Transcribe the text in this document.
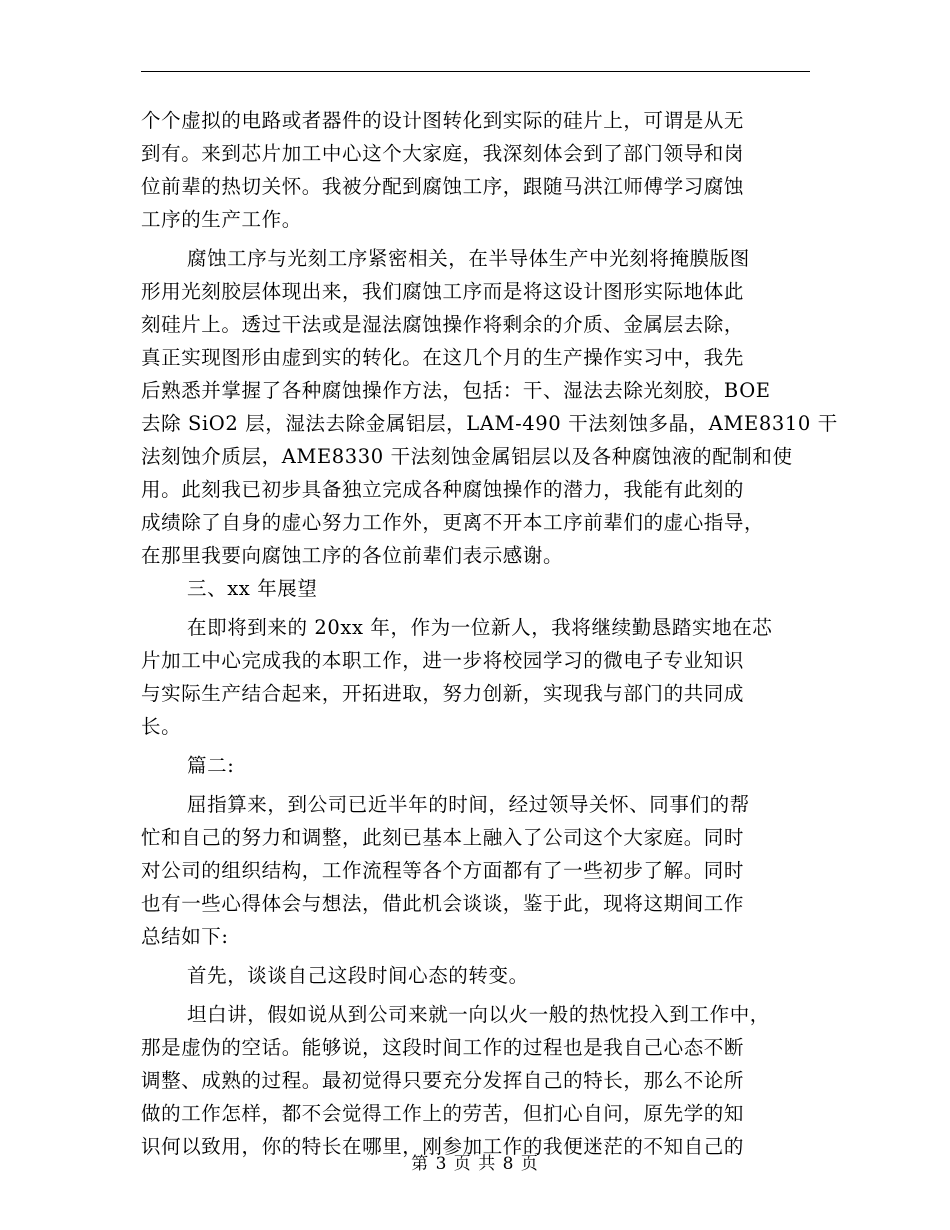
个个虚拟的电路或者器件的设计图转化到实际的硅片上，可谓是从无
到有。来到芯片加工中心这个大家庭，我深刻体会到了部门领导和岗
位前辈的热切关怀。我被分配到腐蚀工序，跟随马洪江师傅学习腐蚀
工序的生产工作。
腐蚀工序与光刻工序紧密相关，在半导体生产中光刻将掩膜版图
形用光刻胶层体现出来，我们腐蚀工序而是将这设计图形实际地体此
刻硅片上。透过干法或是湿法腐蚀操作将剩余的介质、金属层去除，
真正实现图形由虚到实的转化。在这几个月的生产操作实习中，我先
后熟悉并掌握了各种腐蚀操作方法，包括：干、湿法去除光刻胶，BOE
去除 SiO2 层，湿法去除金属铝层，LAM-490 干法刻蚀多晶，AME8310 干
法刻蚀介质层，AME8330 干法刻蚀金属铝层以及各种腐蚀液的配制和使
用。此刻我已初步具备独立完成各种腐蚀操作的潜力，我能有此刻的
成绩除了自身的虚心努力工作外，更离不开本工序前辈们的虚心指导，
在那里我要向腐蚀工序的各位前辈们表示感谢。
三、xx 年展望
在即将到来的 20xx 年，作为一位新人，我将继续勤恳踏实地在芯
片加工中心完成我的本职工作，进一步将校园学习的微电子专业知识
与实际生产结合起来，开拓进取，努力创新，实现我与部门的共同成
长。
篇二:
屈指算来，到公司已近半年的时间，经过领导关怀、同事们的帮
忙和自己的努力和调整，此刻已基本上融入了公司这个大家庭。同时
对公司的组织结构，工作流程等各个方面都有了一些初步了解。同时
也有一些心得体会与想法，借此机会谈谈，鉴于此，现将这期间工作
总结如下:
首先，谈谈自己这段时间心态的转变。
坦白讲，假如说从到公司来就一向以火一般的热忱投入到工作中，
那是虚伪的空话。能够说，这段时间工作的过程也是我自己心态不断
调整、成熟的过程。最初觉得只要充分发挥自己的特长，那么不论所
做的工作怎样，都不会觉得工作上的劳苦，但扪心自问，原先学的知
识何以致用，你的特长在哪里，刚参加工作的我便迷茫的不知自己的
第 3 页 共 8 页
